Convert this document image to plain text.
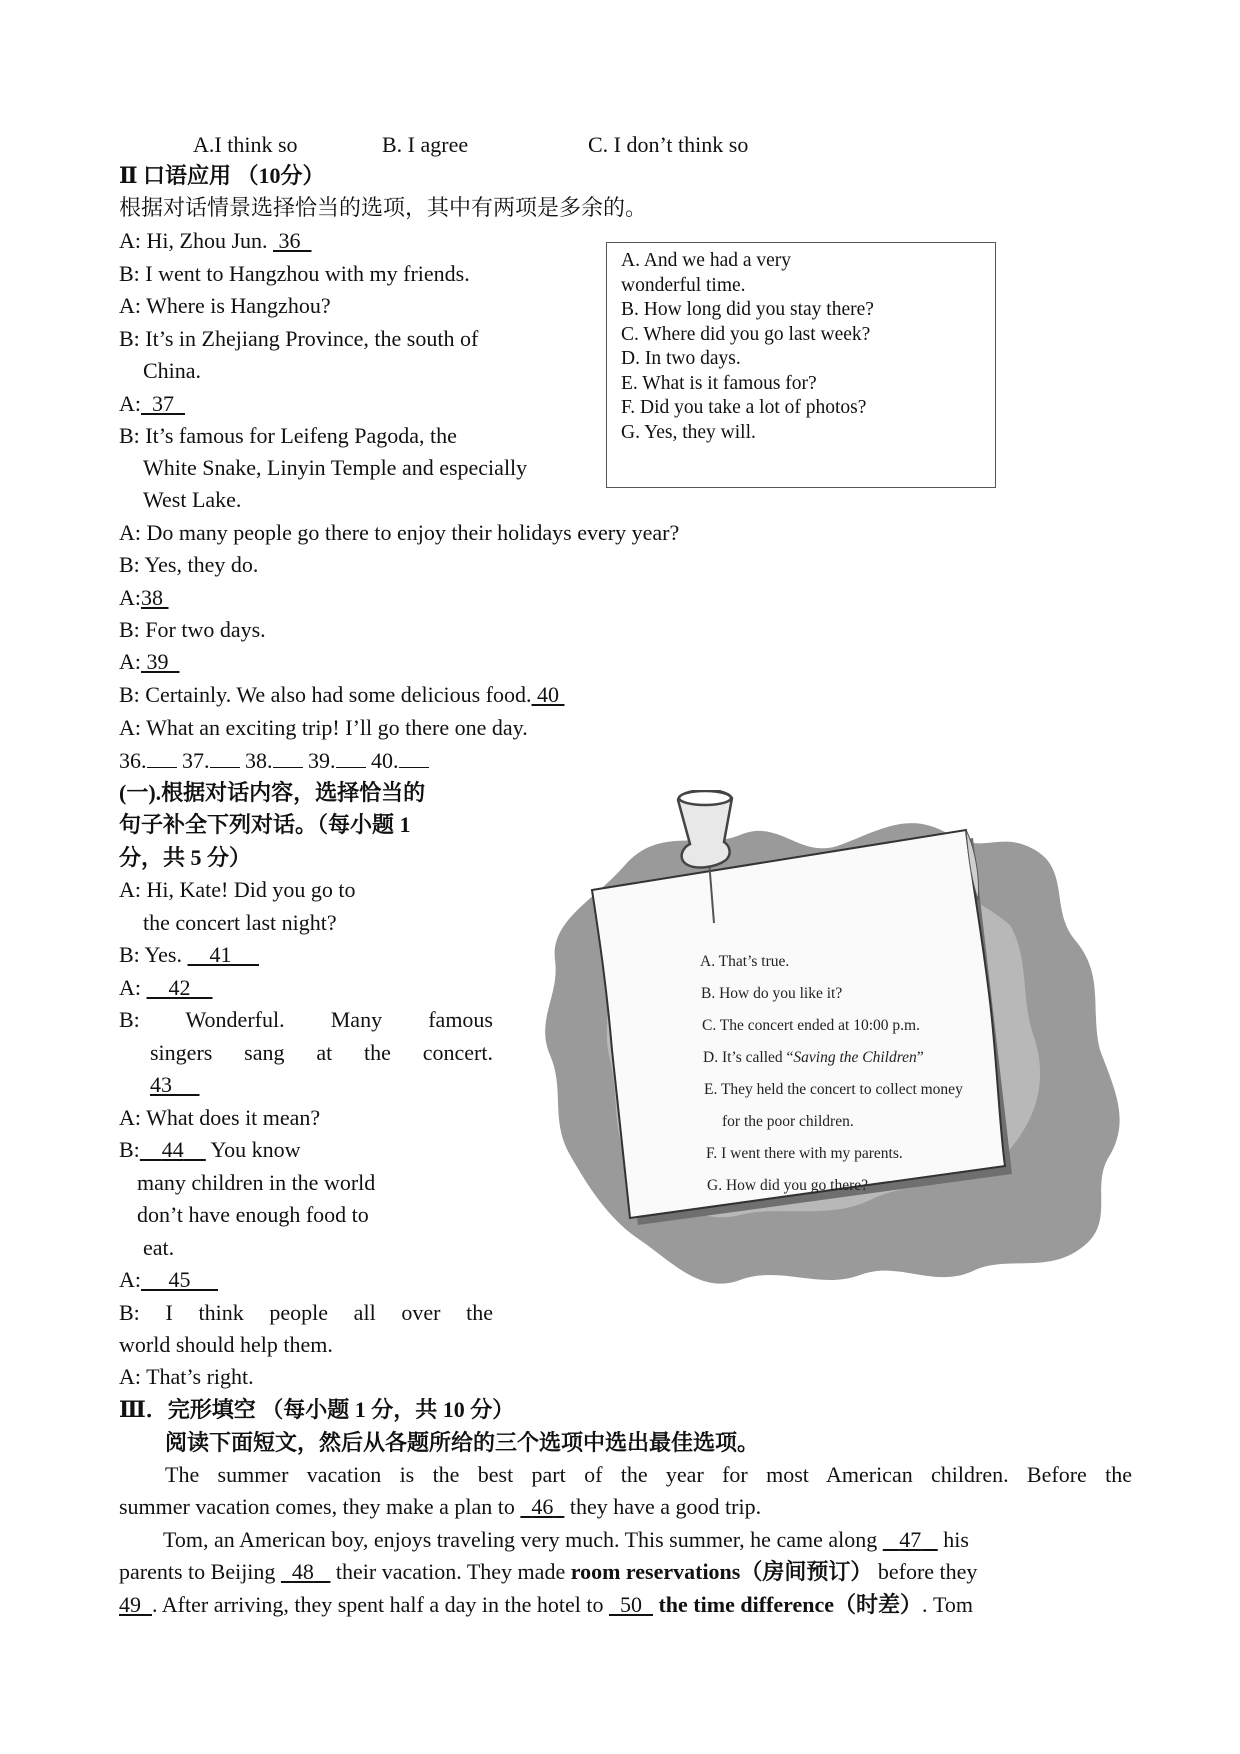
A.I think so	B. I agree	C. I don’t think so
Ⅱ 口语应用 （10分）
根据对话情景选择恰当的选项，其中有两项是多余的。
A: Hi, Zhou Jun.  36
B: I went to Hangzhou with my friends.
A: Where is Hangzhou?
B: It’s in Zhejiang Province, the south of
China.
A: 37
B: It’s famous for Leifeng Pagoda, the
White Snake, Linyin Temple and especially
West Lake.
A: Do many people go there to enjoy their holidays every year?
B: Yes, they do.
A:38
B: For two days.
A: 39
B: Certainly. We also had some delicious food. 40
A: What an exciting trip! I’ll go there one day.
36. 37. 38. 39. 40.
A. And we had a very
wonderful time.
B. How long did you stay there?
C. Where did you go last week?
D. In two days.
E. What is it famous for?
F. Did you take a lot of photos?
G. Yes, they will.
(一).根据对话内容，选择恰当的
句子补全下列对话。（每小题 1
分，共 5 分）
A: Hi, Kate! Did you go to
the concert last night?
B: Yes.     41
A:     42
B: Wonderful. Many famous
singers sang at the concert.
43
A: What does it mean?
B: 44     You know
many children in the world
don’t have enough food to
eat.
A: 45
B: I think people all over the
world should help them.
A: That’s right.
A. That’s true.
B. How do you like it?
C. The concert ended at 10:00 p.m.
D. It’s called “Saving the Children”
E. They held the concert to collect money
for the poor children.
F. I went there with my parents.
G. How did you go there?
Ⅲ．完形填空 （每小题 1 分，共 10 分）
阅读下面短文，然后从各题所给的三个选项中选出最佳选项。
The summer vacation is the best part of the year for most American children. Before the
summer vacation comes, they make a plan to   46   they have a good trip.
Tom, an American boy, enjoys traveling very much. This summer, he came along    47    his
parents to Beijing   48    their vacation. They made room reservations（房间预订） before they
49 . After arriving, they spent half a day in the hotel to   50   the time difference（时差）. Tom
